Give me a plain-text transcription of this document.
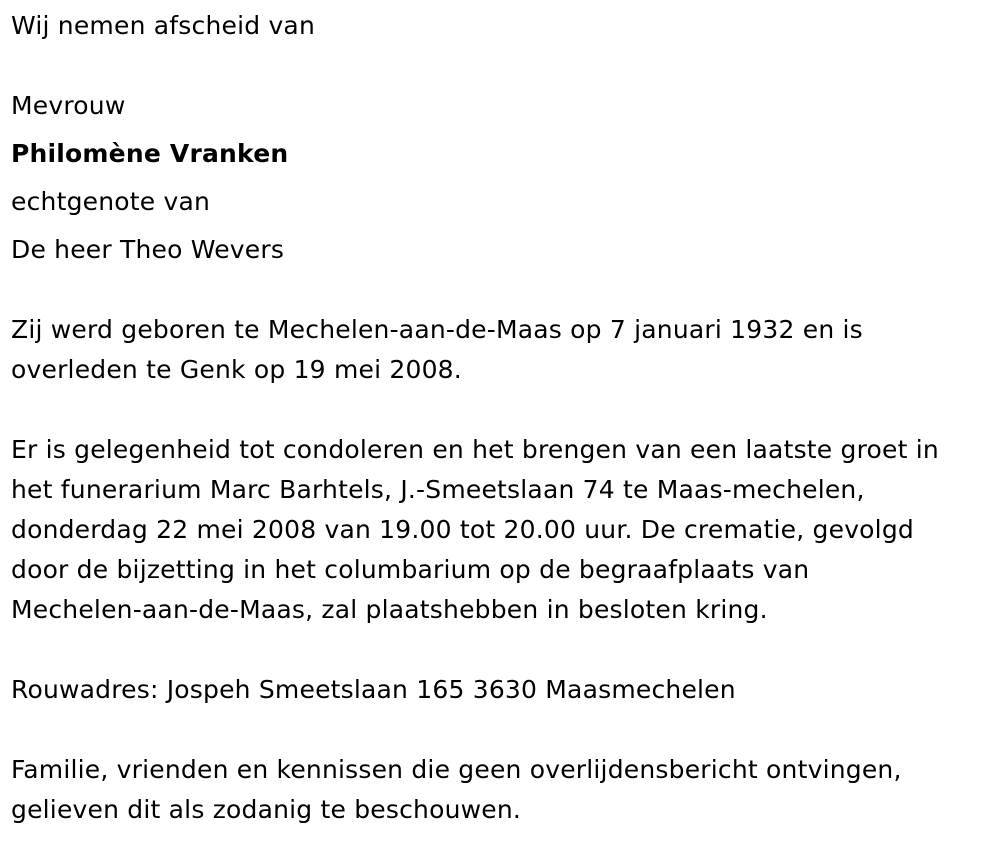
Wij nemen afscheid van
Mevrouw
Philomène Vranken
echtgenote van
De heer Theo Wevers
Zij werd geboren te Mechelen-aan-de-Maas op 7 januari 1932 en is
overleden te Genk op 19 mei 2008.
Er is gelegenheid tot condoleren en het brengen van een laatste groet in
het funerarium Marc Barhtels, J.-Smeetslaan 74 te Maas-mechelen,
donderdag 22 mei 2008 van 19.00 tot 20.00 uur. De crematie, gevolgd
door de bijzetting in het columbarium op de begraafplaats van
Mechelen-aan-de-Maas, zal plaatshebben in besloten kring.
Rouwadres: Jospeh Smeetslaan 165 3630 Maasmechelen
Familie, vrienden en kennissen die geen overlijdensbericht ontvingen,
gelieven dit als zodanig te beschouwen.
